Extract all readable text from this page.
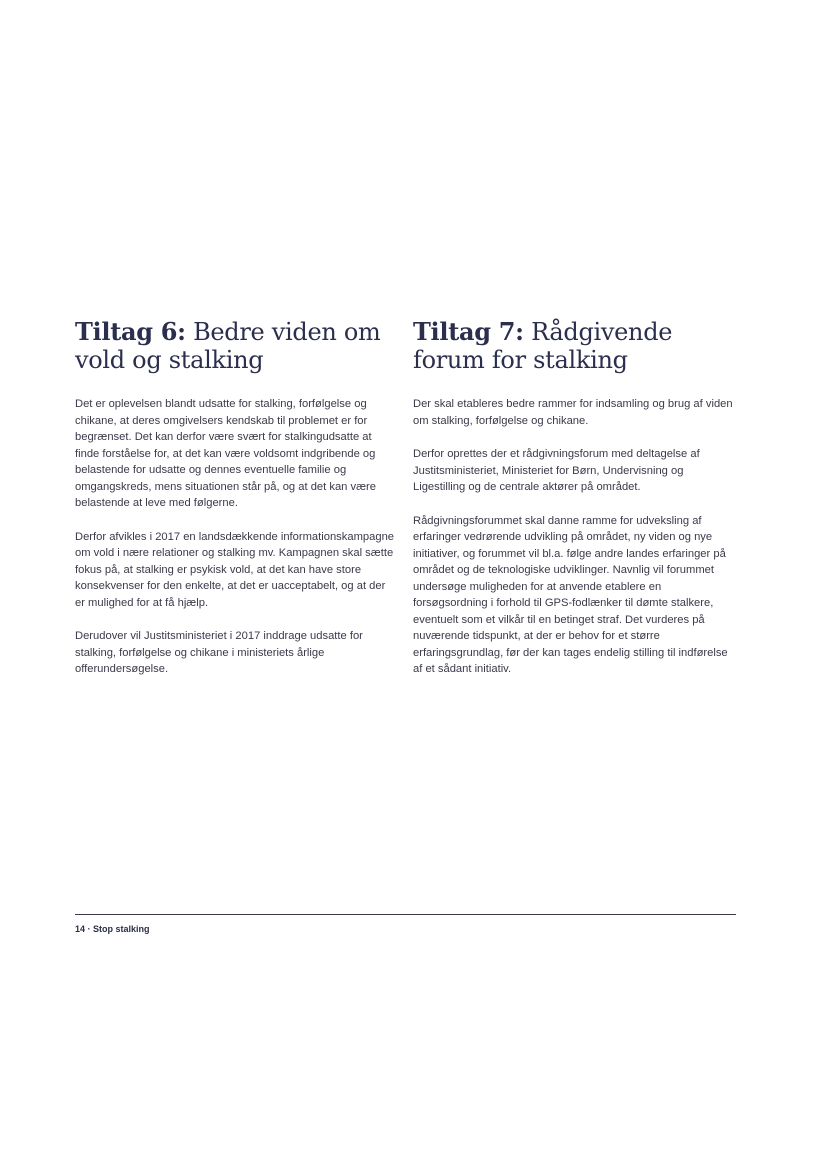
Tiltag 6: Bedre viden om vold og stalking

Det er oplevelsen blandt udsatte for stalking, forfølgelse og chikane, at deres omgivelsers kendskab til problemet er for begrænset. Det kan derfor være svært for stalkingudsatte at finde forståelse for, at det kan være voldsomt indgribende og belastende for udsatte og dennes eventuelle familie og omgangskreds, mens situationen står på, og at det kan være belastende at leve med følgerne.

Derfor afvikles i 2017 en landsdækkende informationskampagne om vold i nære relationer og stalking mv. Kampagnen skal sætte fokus på, at stalking er psykisk vold, at det kan have store konsekvenser for den enkelte, at det er uacceptabelt, og at der er mulighed for at få hjælp.

Derudover vil Justitsministeriet i 2017 inddrage udsatte for stalking, forfølgelse og chikane i ministeriets årlige offerundersøgelse.

Tiltag 7: Rådgivende forum for stalking

Der skal etableres bedre rammer for indsamling og brug af viden om stalking, forfølgelse og chikane.

Derfor oprettes der et rådgivningsforum med deltagelse af Justitsministeriet, Ministeriet for Børn, Undervisning og Ligestilling og de centrale aktører på området.

Rådgivningsforummet skal danne ramme for udveksling af erfaringer vedrørende udvikling på området, ny viden og nye initiativer, og forummet vil bl.a. følge andre landes erfaringer på området og de teknologiske udviklinger. Navnlig vil forummet undersøge muligheden for at anvende etablere en forsøgsordning i forhold til GPS-fodlænker til dømte stalkere, eventuelt som et vilkår til en betinget straf. Det vurderes på nuværende tidspunkt, at der er behov for et større erfaringsgrundlag, før der kan tages endelig stilling til indførelse af et sådant initiativ.

14 · Stop stalking
